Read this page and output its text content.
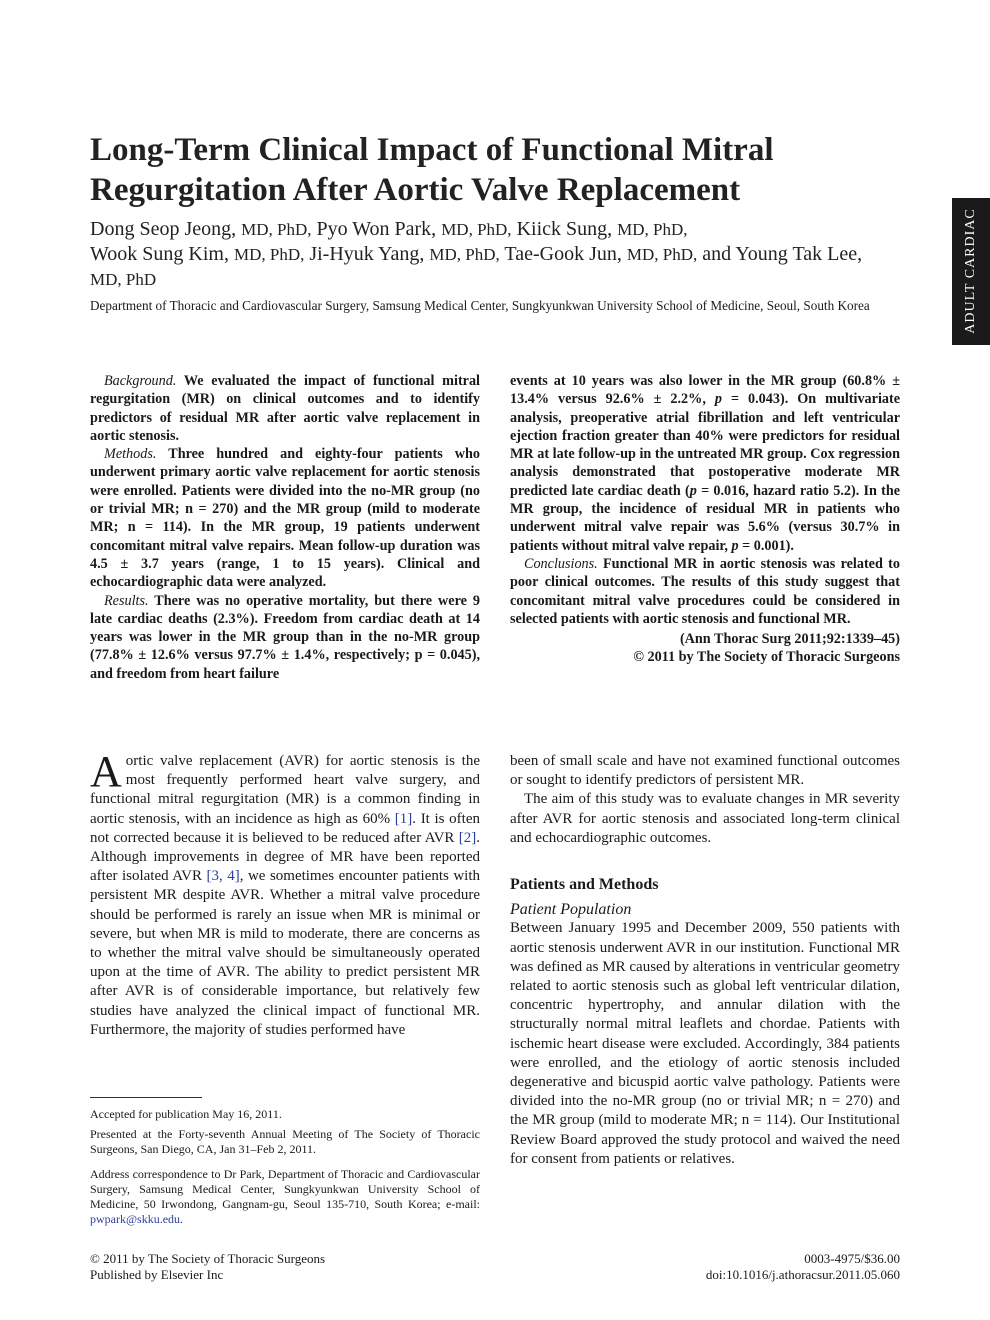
Long-Term Clinical Impact of Functional Mitral
Regurgitation After Aortic Valve Replacement
Dong Seop Jeong, MD, PhD, Pyo Won Park, MD, PhD, Kiick Sung, MD, PhD,
Wook Sung Kim, MD, PhD, Ji-Hyuk Yang, MD, PhD, Tae-Gook Jun, MD, PhD, and Young Tak Lee, MD, PhD
Department of Thoracic and Cardiovascular Surgery, Samsung Medical Center, Sungkyunkwan University School of Medicine, Seoul, South Korea	ADULT CARDIAC

Background. We evaluated the impact of functional mitral regurgitation (MR) on clinical outcomes and to identify predictors of residual MR after aortic valve replacement in aortic stenosis.

Methods. Three hundred and eighty-four patients who underwent primary aortic valve replacement for aortic stenosis were enrolled. Patients were divided into the no-MR group (no or trivial MR; n = 270) and the MR group (mild to moderate MR; n = 114). In the MR group, 19 patients underwent concomitant mitral valve repairs. Mean follow-up duration was 4.5 ± 3.7 years (range, 1 to 15 years). Clinical and echocardiographic data were analyzed.

Results. There was no operative mortality, but there were 9 late cardiac deaths (2.3%). Freedom from cardiac death at 14 years was lower in the MR group than in the no-MR group (77.8% ± 12.6% versus 97.7% ± 1.4%, respectively; p = 0.045), and freedom from heart failure

events at 10 years was also lower in the MR group (60.8% ± 13.4% versus 92.6% ± 2.2%, p = 0.043). On multivariate analysis, preoperative atrial fibrillation and left ventricular ejection fraction greater than 40% were predictors for residual MR at late follow-up in the untreated MR group. Cox regression analysis demonstrated that postoperative moderate MR predicted late cardiac death (p = 0.016, hazard ratio 5.2). In the MR group, the incidence of residual MR in patients who underwent mitral valve repair was 5.6% (versus 30.7% in patients without mitral valve repair, p = 0.001).

Conclusions. Functional MR in aortic stenosis was related to poor clinical outcomes. The results of this study suggest that concomitant mitral valve procedures could be considered in selected patients with aortic stenosis and functional MR.

(Ann Thorac Surg 2011;92:1339–45)
© 2011 by The Society of Thoracic Surgeons

Aortic valve replacement (AVR) for aortic stenosis is the most frequently performed heart valve surgery, and functional mitral regurgitation (MR) is a common finding in aortic stenosis, with an incidence as high as 60% [1]. It is often not corrected because it is believed to be reduced after AVR [2]. Although improvements in degree of MR have been reported after isolated AVR [3, 4], we sometimes encounter patients with persistent MR despite AVR. Whether a mitral valve procedure should be performed is rarely an issue when MR is minimal or severe, but when MR is mild to moderate, there are concerns as to whether the mitral valve should be simultaneously operated upon at the time of AVR. The ability to predict persistent MR after AVR is of considerable importance, but relatively few studies have analyzed the clinical impact of functional MR. Furthermore, the majority of studies performed have

been of small scale and have not examined functional outcomes or sought to identify predictors of persistent MR.

The aim of this study was to evaluate changes in MR severity after AVR for aortic stenosis and associated long-term clinical and echocardiographic outcomes.

Patients and Methods
Patient Population

Between January 1995 and December 2009, 550 patients with aortic stenosis underwent AVR in our institution. Functional MR was defined as MR caused by alterations in ventricular geometry related to aortic stenosis such as global left ventricular dilation, concentric hypertrophy, and annular dilation with the structurally normal mitral leaflets and chordae. Patients with ischemic heart disease were excluded. Accordingly, 384 patients were enrolled, and the etiology of aortic stenosis included degenerative and bicuspid aortic valve pathology. Patients were divided into the no-MR group (no or trivial MR; n = 270) and the MR group (mild to moderate MR; n = 114). Our Institutional Review Board approved the study protocol and waived the need for consent from patients or relatives.

Accepted for publication May 16, 2011.
Presented at the Forty-seventh Annual Meeting of The Society of Thoracic Surgeons, San Diego, CA, Jan 31–Feb 2, 2011.
Address correspondence to Dr Park, Department of Thoracic and Cardiovascular Surgery, Samsung Medical Center, Sungkyunkwan University School of Medicine, 50 Irwondong, Gangnam-gu, Seoul 135-710, South Korea; e-mail: pwpark@skku.edu.
© 2011 by The Society of Thoracic Surgeons
Published by Elsevier Inc
0003-4975/$36.00
doi:10.1016/j.athoracsur.2011.05.060
